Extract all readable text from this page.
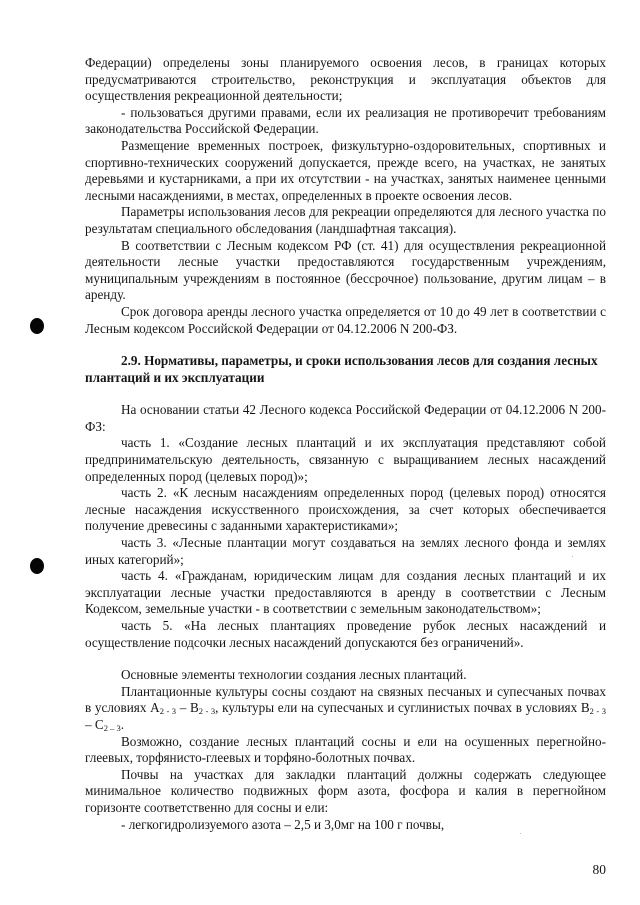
Федерации) определены зоны планируемого освоения лесов, в границах которых предусматриваются строительство, реконструкция и эксплуатация объектов для осуществления рекреационной деятельности;

- пользоваться другими правами, если их реализация не противоречит требованиям законодательства Российской Федерации.

Размещение временных построек, физкультурно-оздоровительных, спортивных и спортивно-технических сооружений допускается, прежде всего, на участках, не занятых деревьями и кустарниками, а при их отсутствии - на участках, занятых наименее ценными лесными насаждениями, в местах, определенных в проекте освоения лесов.

Параметры использования лесов для рекреации определяются для лесного участка по результатам специального обследования (ландшафтная таксация).

В соответствии с Лесным кодексом РФ (ст. 41) для осуществления рекреационной деятельности лесные участки предоставляются государственным учреждениям, муниципальным учреждениям в постоянное (бессрочное) пользование, другим лицам – в аренду.

Срок договора аренды лесного участка определяется от 10 до 49 лет в соответствии с Лесным кодексом Российской Федерации от 04.12.2006 N 200-ФЗ.

2.9. Нормативы, параметры, и сроки использования лесов для создания лесных плантаций и их эксплуатации

На основании статьи 42 Лесного кодекса Российской Федерации от 04.12.2006 N 200-ФЗ:

часть 1. «Создание лесных плантаций и их эксплуатация представляют собой предпринимательскую деятельность, связанную с выращиванием лесных насаждений определенных пород (целевых пород)»;

часть 2. «К лесным насаждениям определенных пород (целевых пород) относятся лесные насаждения искусственного происхождения, за счет которых обеспечивается получение древесины с заданными характеристиками»;

часть 3. «Лесные плантации могут создаваться на землях лесного фонда и землях иных категорий»;

часть 4. «Гражданам, юридическим лицам для создания лесных плантаций и их эксплуатации лесные участки предоставляются в аренду в соответствии с Лесным Кодексом, земельные участки - в соответствии с земельным законодательством»;

часть 5. «На лесных плантациях проведение рубок лесных насаждений и осуществление подсочки лесных насаждений допускаются без ограничений».

Основные элементы технологии создания лесных плантаций.

Плантационные культуры сосны создают на связных песчаных и супесчаных почвах в условиях $А_{2 - 3} - В_{2 - 3}$, культуры ели на супесчаных и суглинистых почвах в условиях $В_{2 - 3} - С_{2 - 3}$.

Возможно, создание лесных плантаций сосны и ели на осушенных перегнойно-глеевых, торфянисто-глеевых и торфяно-болотных почвах.

Почвы на участках для закладки плантаций должны содержать следующее минимальное количество подвижных форм азота, фосфора и калия в перегнойном горизонте соответственно для сосны и ели:

- легкогидролизуемого азота – 2,5 и 3,0мг на 100 г почвы,

80
